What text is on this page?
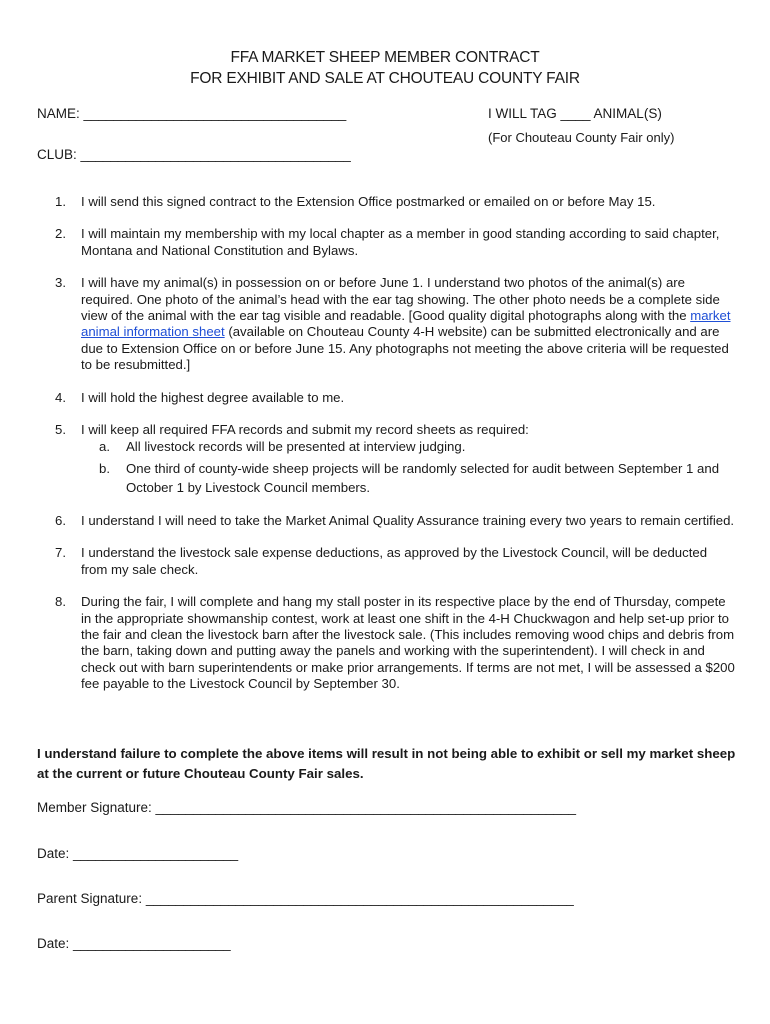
FFA MARKET SHEEP MEMBER CONTRACT
FOR EXHIBIT AND SALE AT CHOUTEAU COUNTY FAIR
NAME: ___________________________________	I WILL TAG ____ ANIMAL(S)
(For Chouteau County Fair only)
CLUB: ____________________________________
1.	I will send this signed contract to the Extension Office postmarked or emailed on or before May 15.
2.	I will maintain my membership with my local chapter as a member in good standing according to said chapter, Montana and National Constitution and Bylaws.
3.	I will have my animal(s) in possession on or before June 1. I understand two photos of the animal(s) are required. One photo of the animal’s head with the ear tag showing. The other photo needs be a complete side view of the animal with the ear tag visible and readable. [Good quality digital photographs along with the market animal information sheet (available on Chouteau County 4-H website) can be submitted electronically and are due to Extension Office on or before June 15. Any photographs not meeting the above criteria will be requested to be resubmitted.]
4.	I will hold the highest degree available to me.
5.	I will keep all required FFA records and submit my record sheets as required:
a.	All livestock records will be presented at interview judging.
b.	One third of county-wide sheep projects will be randomly selected for audit between September 1 and October 1 by Livestock Council members.
6.	I understand I will need to take the Market Animal Quality Assurance training every two years to remain certified.
7.	I understand the livestock sale expense deductions, as approved by the Livestock Council, will be deducted from my sale check.
8.	During the fair, I will complete and hang my stall poster in its respective place by the end of Thursday, compete in the appropriate showmanship contest, work at least one shift in the 4-H Chuckwagon and help set-up prior to the fair and clean the livestock barn after the livestock sale. (This includes removing wood chips and debris from the barn, taking down and putting away the panels and working with the superintendent). I will check in and check out with barn superintendents or make prior arrangements. If terms are not met, I will be assessed a $200 fee payable to the Livestock Council by September 30.
I understand failure to complete the above items will result in not being able to exhibit or sell my market sheep at the current or future Chouteau County Fair sales.
Member Signature: ________________________________________________________
Date: ______________________
Parent Signature: _________________________________________________________
Date: _____________________
